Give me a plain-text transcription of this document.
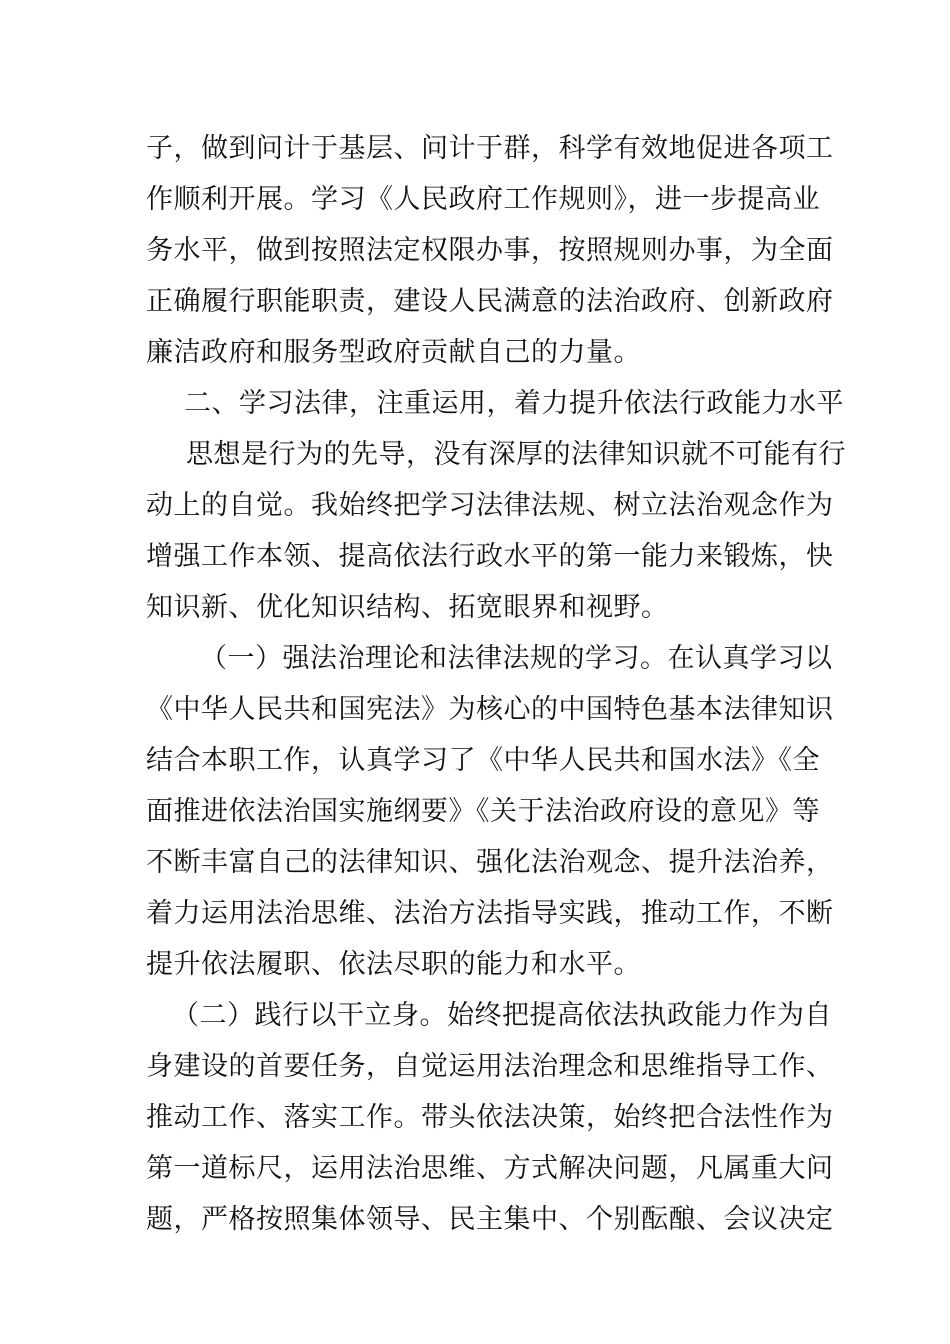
子，做到问计于基层、问计于群，科学有效地促进各项工
作顺利开展。学习《人民政府工作规则》，进一步提高业
务水平，做到按照法定权限办事，按照规则办事，为全面
正确履行职能职责，建设人民满意的法治政府、创新政府
廉洁政府和服务型政府贡献自己的力量。
二、学习法律，注重运用，着力提升依法行政能力水平
思想是行为的先导，没有深厚的法律知识就不可能有行
动上的自觉。我始终把学习法律法规、树立法治观念作为
增强工作本领、提高依法行政水平的第一能力来锻炼，快
知识新、优化知识结构、拓宽眼界和视野。
（一）强法治理论和法律法规的学习。在认真学习以
《中华人民共和国宪法》为核心的中国特色基本法律知识
结合本职工作，认真学习了《中华人民共和国水法》《全
面推进依法治国实施纲要》《关于法治政府设的意见》等
不断丰富自己的法律知识、强化法治观念、提升法治养，
着力运用法治思维、法治方法指导实践，推动工作，不断
提升依法履职、依法尽职的能力和水平。
（二）践行以干立身。始终把提高依法执政能力作为自
身建设的首要任务，自觉运用法治理念和思维指导工作、
推动工作、落实工作。带头依法决策，始终把合法性作为
第一道标尺，运用法治思维、方式解决问题，凡属重大问
题，严格按照集体领导、民主集中、个别酝酿、会议决定
